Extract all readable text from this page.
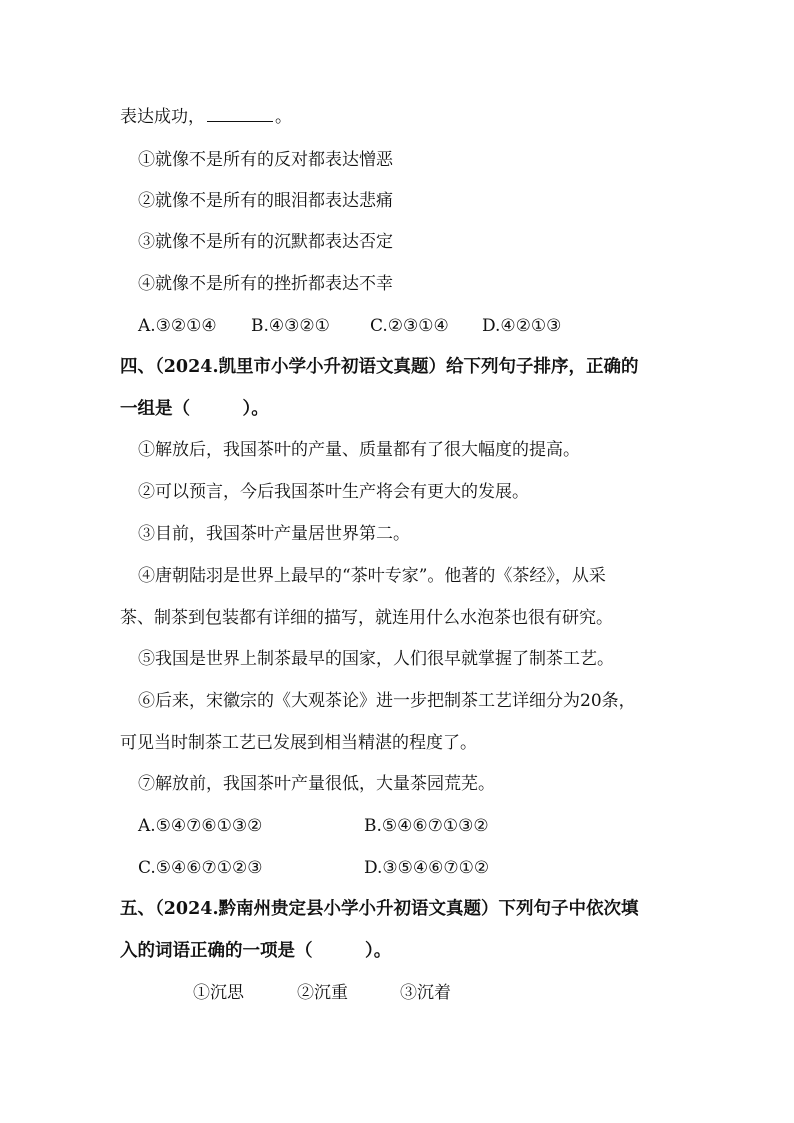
表达成功，	。
①就像不是所有的反对都表达憎恶
②就像不是所有的眼泪都表达悲痛
③就像不是所有的沉默都表达否定
④就像不是所有的挫折都表达不幸
A.③②①④ B.④③②① C.②③①④ D.④②①③
四、（2024.凯里市小学小升初语文真题）给下列句子排序，正确的
一组是（　　　）。
①解放后，我国茶叶的产量、质量都有了很大幅度的提高。
②可以预言，今后我国茶叶生产将会有更大的发展。
③目前，我国茶叶产量居世界第二。
④唐朝陆羽是世界上最早的“茶叶专家”。他著的《茶经》，从采
茶、制茶到包装都有详细的描写，就连用什么水泡茶也很有研究。
⑤我国是世界上制茶最早的国家，人们很早就掌握了制茶工艺。
⑥后来，宋徽宗的《大观茶论》进一步把制茶工艺详细分为20条，
可见当时制茶工艺已发展到相当精湛的程度了。
⑦解放前，我国茶叶产量很低，大量茶园荒芜。
A.⑤④⑦⑥①③②	B.⑤④⑥⑦①③②
C.⑤④⑥⑦①②③	D.③⑤④⑥⑦①②
五、（2024.黔南州贵定县小学小升初语文真题）下列句子中依次填
入的词语正确的一项是（　　　）。
①沉思	②沉重	③沉着
